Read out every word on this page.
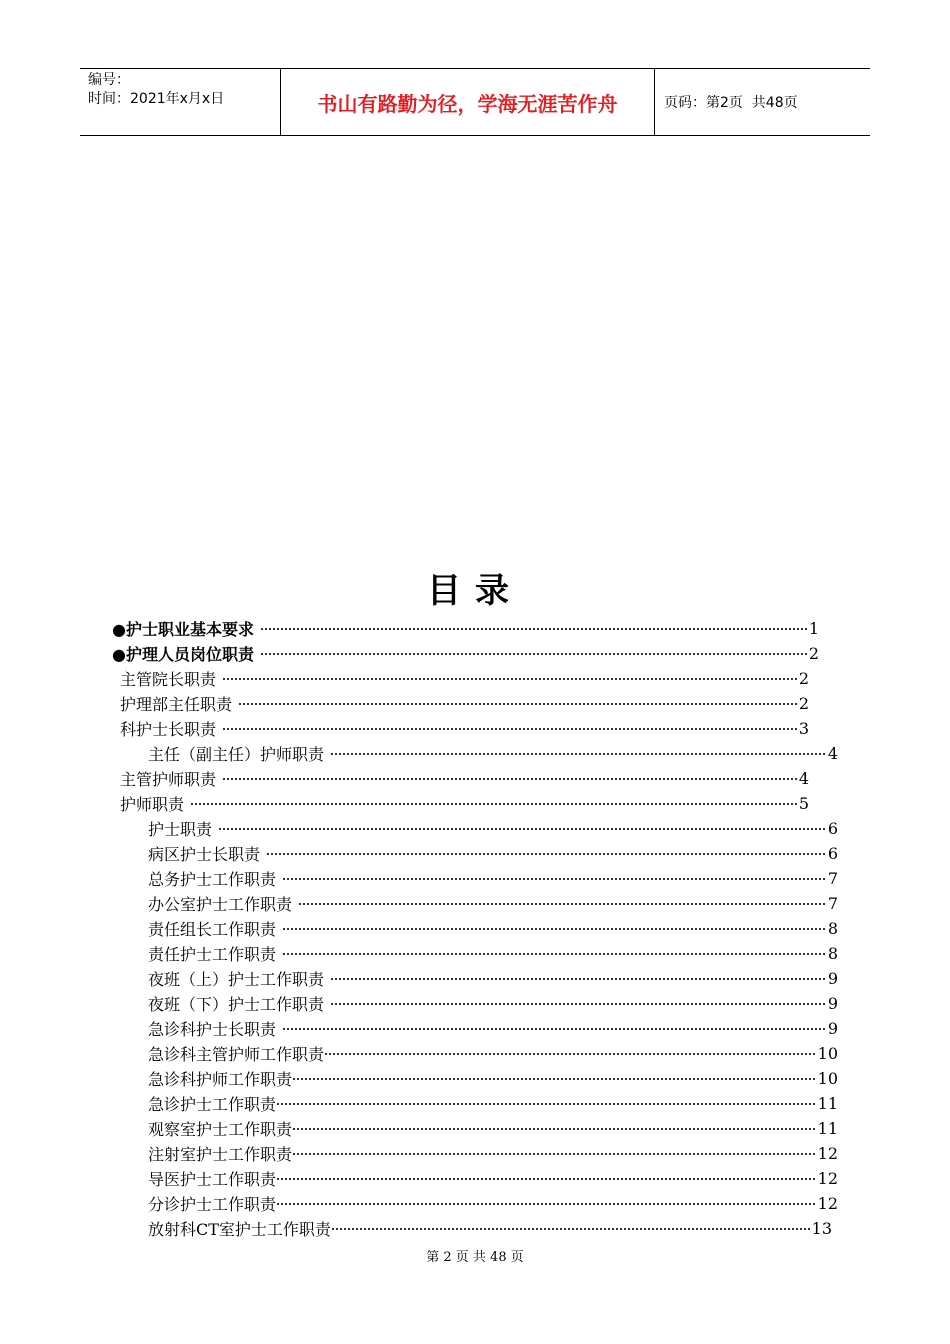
编号：
时间：2021年x月x日	书山有路勤为径，学海无涯苦作舟	页码：第2页  共48页
目录
●护士职业基本要求	1
●护理人员岗位职责	2
主管院长职责	2
护理部主任职责	2
科护士长职责	3
主任（副主任）护师职责	4
主管护师职责	4
护师职责	5
护士职责	6
病区护士长职责	6
总务护士工作职责	7
办公室护士工作职责	7
责任组长工作职责	8
责任护士工作职责	8
夜班（上）护士工作职责	9
夜班（下）护士工作职责	9
急诊科护士长职责	9
急诊科主管护师工作职责	10
急诊科护师工作职责	10
急诊护士工作职责	11
观察室护士工作职责	11
注射室护士工作职责	12
导医护士工作职责	12
分诊护士工作职责	12
放射科CT室护士工作职责	13
第 2 页 共 48 页
